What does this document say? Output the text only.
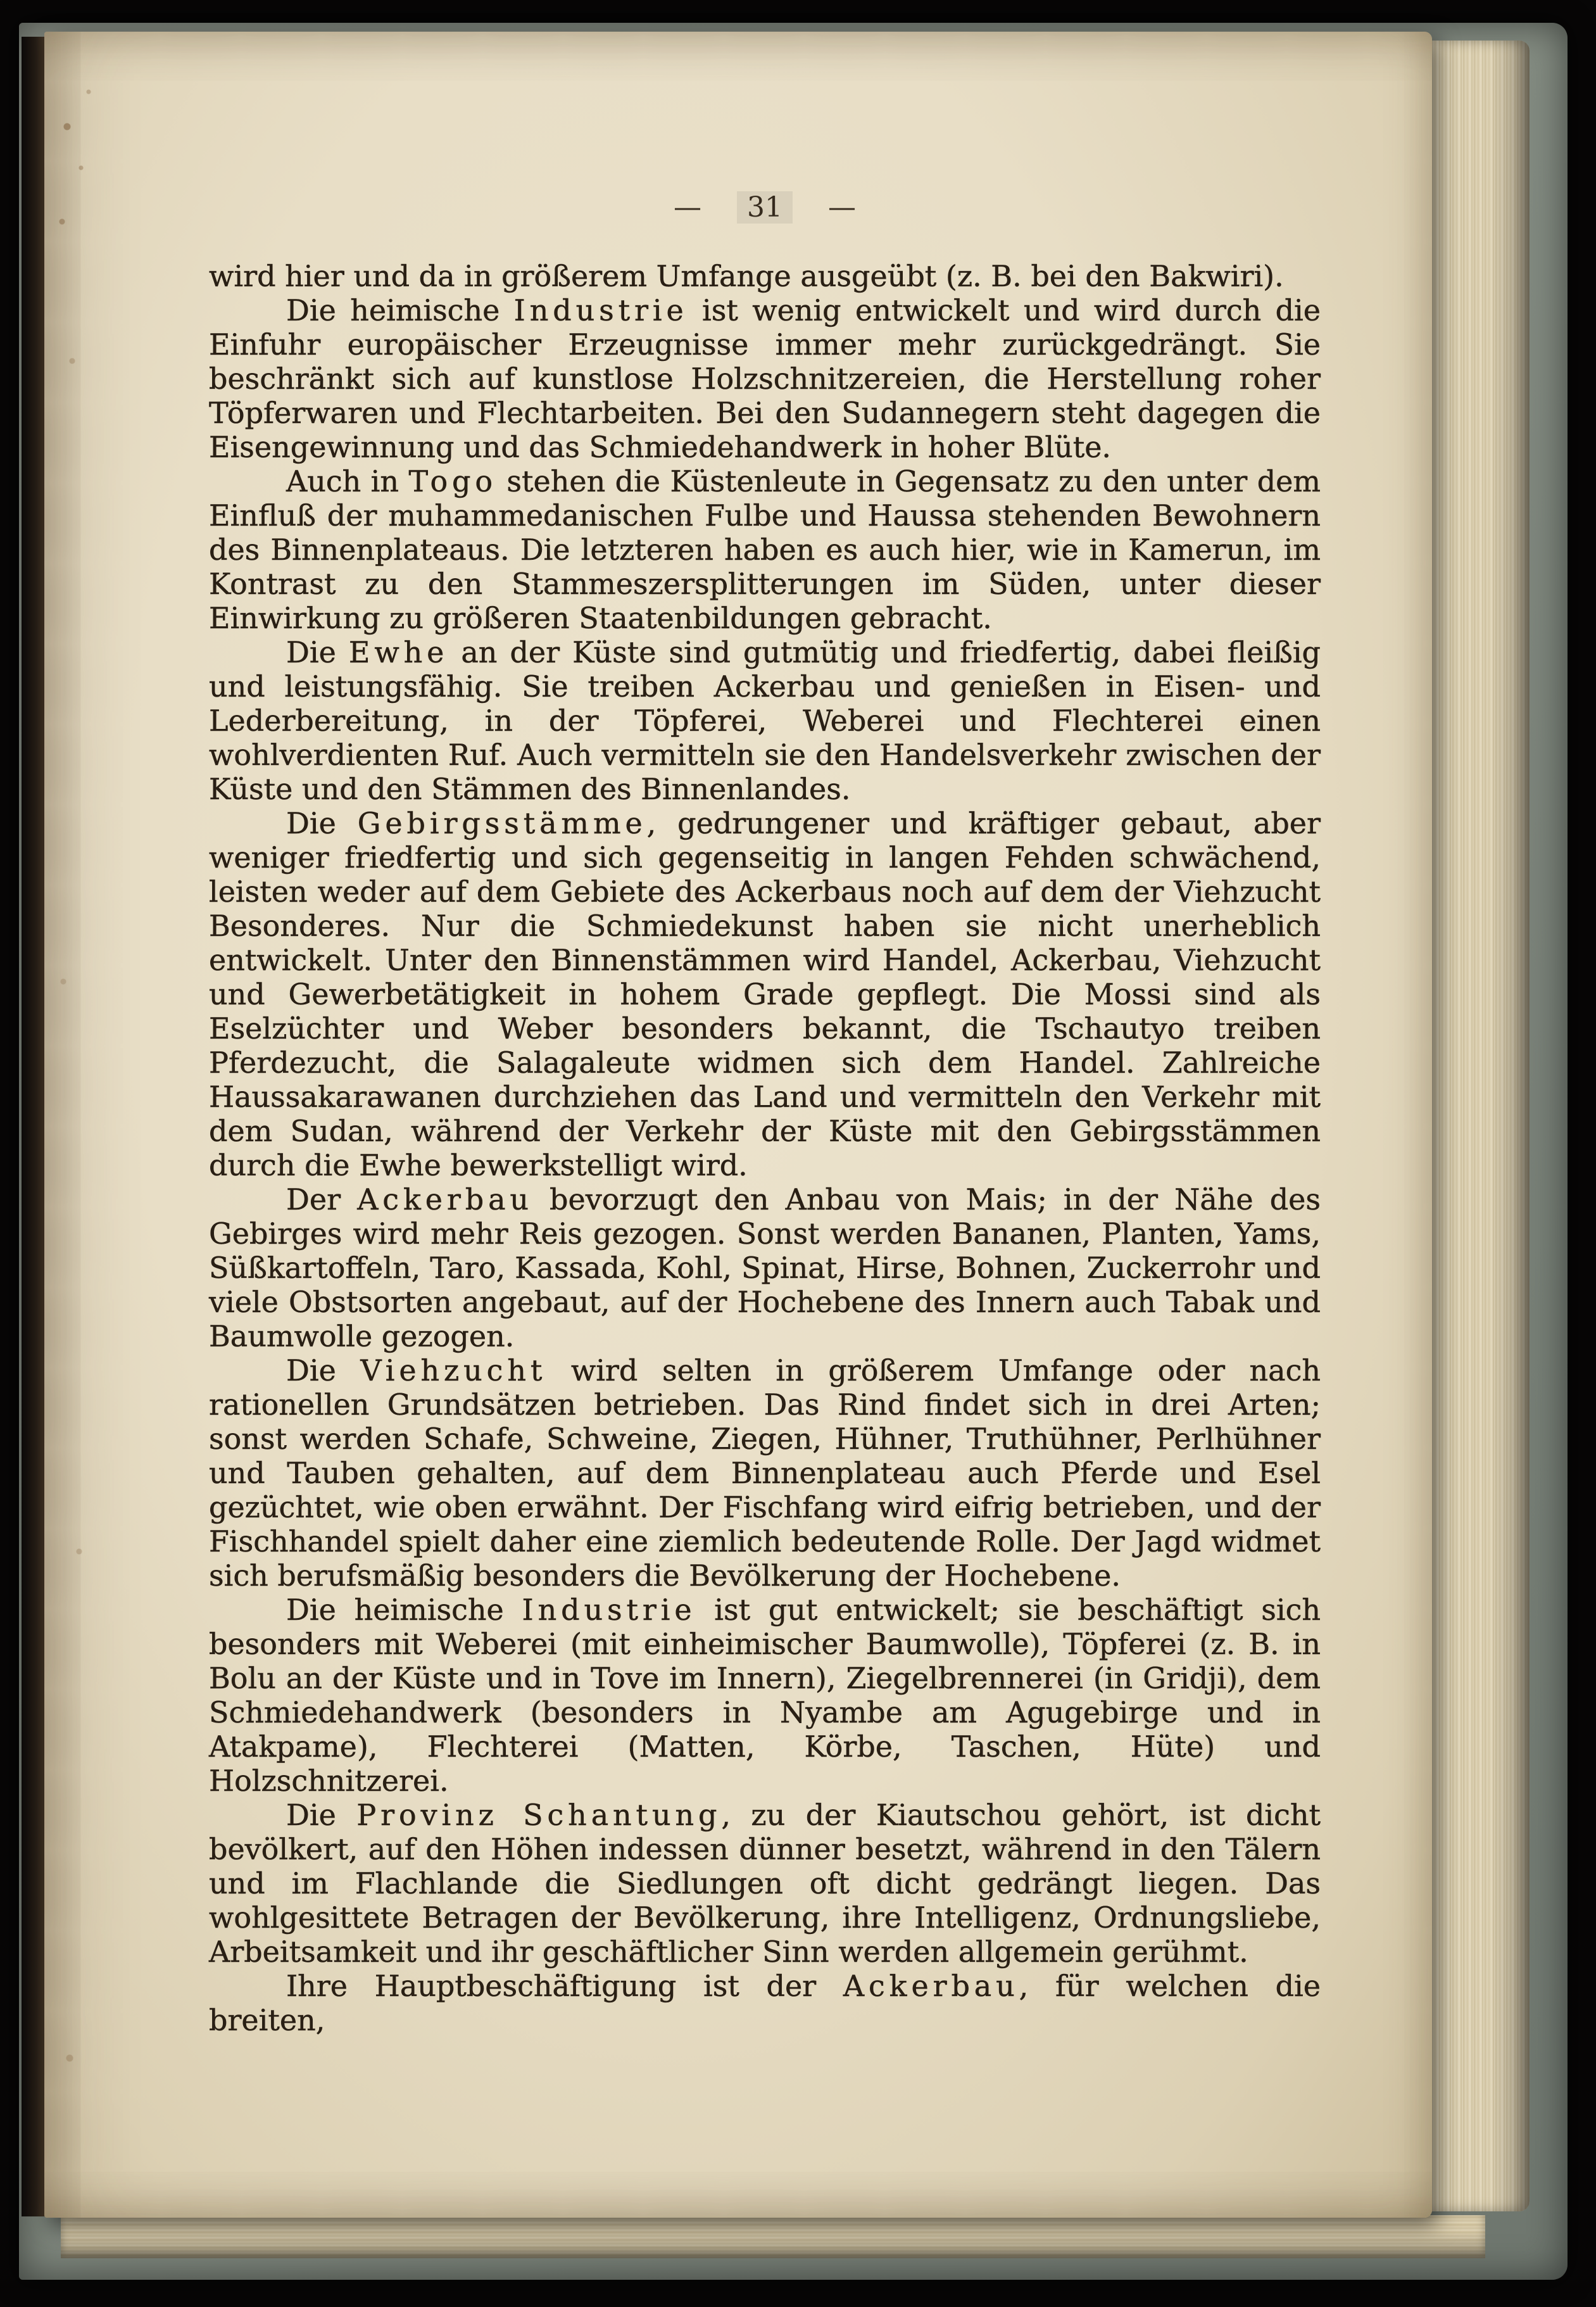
—	31	—

wird hier und da in größerem Umfange ausgeübt (z. B. bei den Bakwiri).

Die heimische Industrie ist wenig entwickelt und wird durch die Einfuhr europäischer Erzeugnisse immer mehr zurückgedrängt. Sie beschränkt sich auf kunstlose Holzschnitzereien, die Herstellung roher Töpferwaren und Flechtarbeiten. Bei den Sudannegern steht dagegen die Eisengewinnung und das Schmiedehandwerk in hoher Blüte.

Auch in Togo stehen die Küstenleute in Gegensatz zu den unter dem Einfluß der muhammedanischen Fulbe und Haussa stehenden Bewohnern des Binnenplateaus. Die letzteren haben es auch hier, wie in Kamerun, im Kontrast zu den Stammeszersplitterungen im Süden, unter dieser Einwirkung zu größeren Staatenbildungen gebracht.

Die Ewhe an der Küste sind gutmütig und friedfertig, dabei fleißig und leistungsfähig. Sie treiben Ackerbau und genießen in Eisen- und Lederbereitung, in der Töpferei, Weberei und Flechterei einen wohlverdienten Ruf. Auch vermitteln sie den Handelsverkehr zwischen der Küste und den Stämmen des Binnenlandes.

Die Gebirgsstämme, gedrungener und kräftiger gebaut, aber weniger friedfertig und sich gegenseitig in langen Fehden schwächend, leisten weder auf dem Gebiete des Ackerbaus noch auf dem der Viehzucht Besonderes. Nur die Schmiedekunst haben sie nicht unerheblich entwickelt. Unter den Binnenstämmen wird Handel, Ackerbau, Viehzucht und Gewerbetätigkeit in hohem Grade gepflegt. Die Mossi sind als Eselzüchter und Weber besonders bekannt, die Tschautyo treiben Pferdezucht, die Salagaleute widmen sich dem Handel. Zahlreiche Haussakarawanen durchziehen das Land und vermitteln den Verkehr mit dem Sudan, während der Verkehr der Küste mit den Gebirgsstämmen durch die Ewhe bewerkstelligt wird.

Der Ackerbau bevorzugt den Anbau von Mais; in der Nähe des Gebirges wird mehr Reis gezogen. Sonst werden Bananen, Planten, Yams, Süßkartoffeln, Taro, Kassada, Kohl, Spinat, Hirse, Bohnen, Zuckerrohr und viele Obstsorten angebaut, auf der Hochebene des Innern auch Tabak und Baumwolle gezogen.

Die Viehzucht wird selten in größerem Umfange oder nach rationellen Grundsätzen betrieben. Das Rind findet sich in drei Arten; sonst werden Schafe, Schweine, Ziegen, Hühner, Truthühner, Perlhühner und Tauben gehalten, auf dem Binnenplateau auch Pferde und Esel gezüchtet, wie oben erwähnt. Der Fischfang wird eifrig betrieben, und der Fischhandel spielt daher eine ziemlich bedeutende Rolle. Der Jagd widmet sich berufsmäßig besonders die Bevölkerung der Hochebene.

Die heimische Industrie ist gut entwickelt; sie beschäftigt sich besonders mit Weberei (mit einheimischer Baumwolle), Töpferei (z. B. in Bolu an der Küste und in Tove im Innern), Ziegelbrennerei (in Gridji), dem Schmiedehandwerk (besonders in Nyambe am Agugebirge und in Atakpame), Flechterei (Matten, Körbe, Taschen, Hüte) und Holzschnitzerei.

Die Provinz Schantung, zu der Kiautschou gehört, ist dicht bevölkert, auf den Höhen indessen dünner besetzt, während in den Tälern und im Flachlande die Siedlungen oft dicht gedrängt liegen. Das wohlgesittete Betragen der Bevölkerung, ihre Intelligenz, Ordnungsliebe, Arbeitsamkeit und ihr geschäftlicher Sinn werden allgemein gerühmt.

Ihre Hauptbeschäftigung ist der Ackerbau, für welchen die breiten,
